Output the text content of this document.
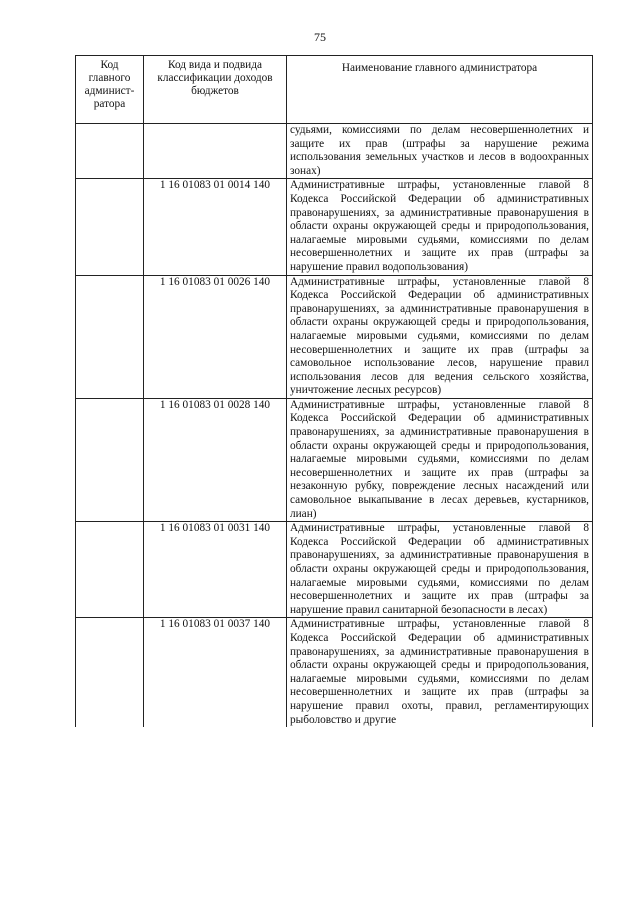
75
Код главного админист-ратора	Код вида и подвида классификации доходов бюджетов	Наименование главного администратора
		судьями, комиссиями по делам несовершеннолетних и защите их прав (штрафы за нарушение режима использования земельных участков и лесов в водоохранных зонах)
	1 16 01083 01 0014 140	Административные штрафы, установленные главой 8 Кодекса Российской Федерации об административных правонарушениях, за административные правонарушения в области охраны окружающей среды и природопользования, налагаемые мировыми судьями, комиссиями по делам несовершеннолетних и защите их прав (штрафы за нарушение правил водопользования)
	1 16 01083 01 0026 140	Административные штрафы, установленные главой 8 Кодекса Российской Федерации об административных правонарушениях, за административные правонарушения в области охраны окружающей среды и природопользования, налагаемые мировыми судьями, комиссиями по делам несовершеннолетних и защите их прав (штрафы за самовольное использование лесов, нарушение правил использования лесов для ведения сельского хозяйства, уничтожение лесных ресурсов)
	1 16 01083 01 0028 140	Административные штрафы, установленные главой 8 Кодекса Российской Федерации об административных правонарушениях, за административные правонарушения в области охраны окружающей среды и природопользования, налагаемые мировыми судьями, комиссиями по делам несовершеннолетних и защите их прав (штрафы за незаконную рубку, повреждение лесных насаждений или самовольное выкапывание в лесах деревьев, кустарников, лиан)
	1 16 01083 01 0031 140	Административные штрафы, установленные главой 8 Кодекса Российской Федерации об административных правонарушениях, за административные правонарушения в области охраны окружающей среды и природопользования, налагаемые мировыми судьями, комиссиями по делам несовершеннолетних и защите их прав (штрафы за нарушение правил санитарной безопасности в лесах)
	1 16 01083 01 0037 140	Административные штрафы, установленные главой 8 Кодекса Российской Федерации об административных правонарушениях, за административные правонарушения в области охраны окружающей среды и природопользования, налагаемые мировыми судьями, комиссиями по делам несовершеннолетних и защите их прав (штрафы за нарушение правил охоты, правил, регламентирующих рыболовство и другие
